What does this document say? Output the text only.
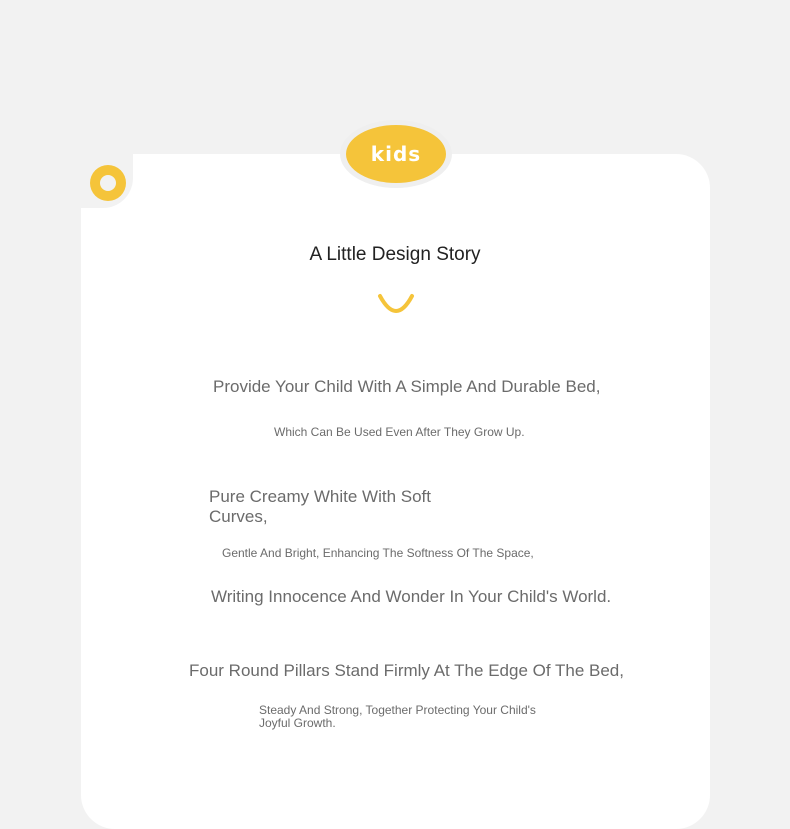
kids
A Little Design Story

Provide Your Child With A Simple And Durable Bed,

Which Can Be Used Even After They Grow Up.

Pure Creamy White With Soft Curves,

Gentle And Bright, Enhancing The Softness Of The Space,

Writing Innocence And Wonder In Your Child's World.

Four Round Pillars Stand Firmly At The Edge Of The Bed,

Steady And Strong, Together Protecting Your Child's Joyful Growth.
